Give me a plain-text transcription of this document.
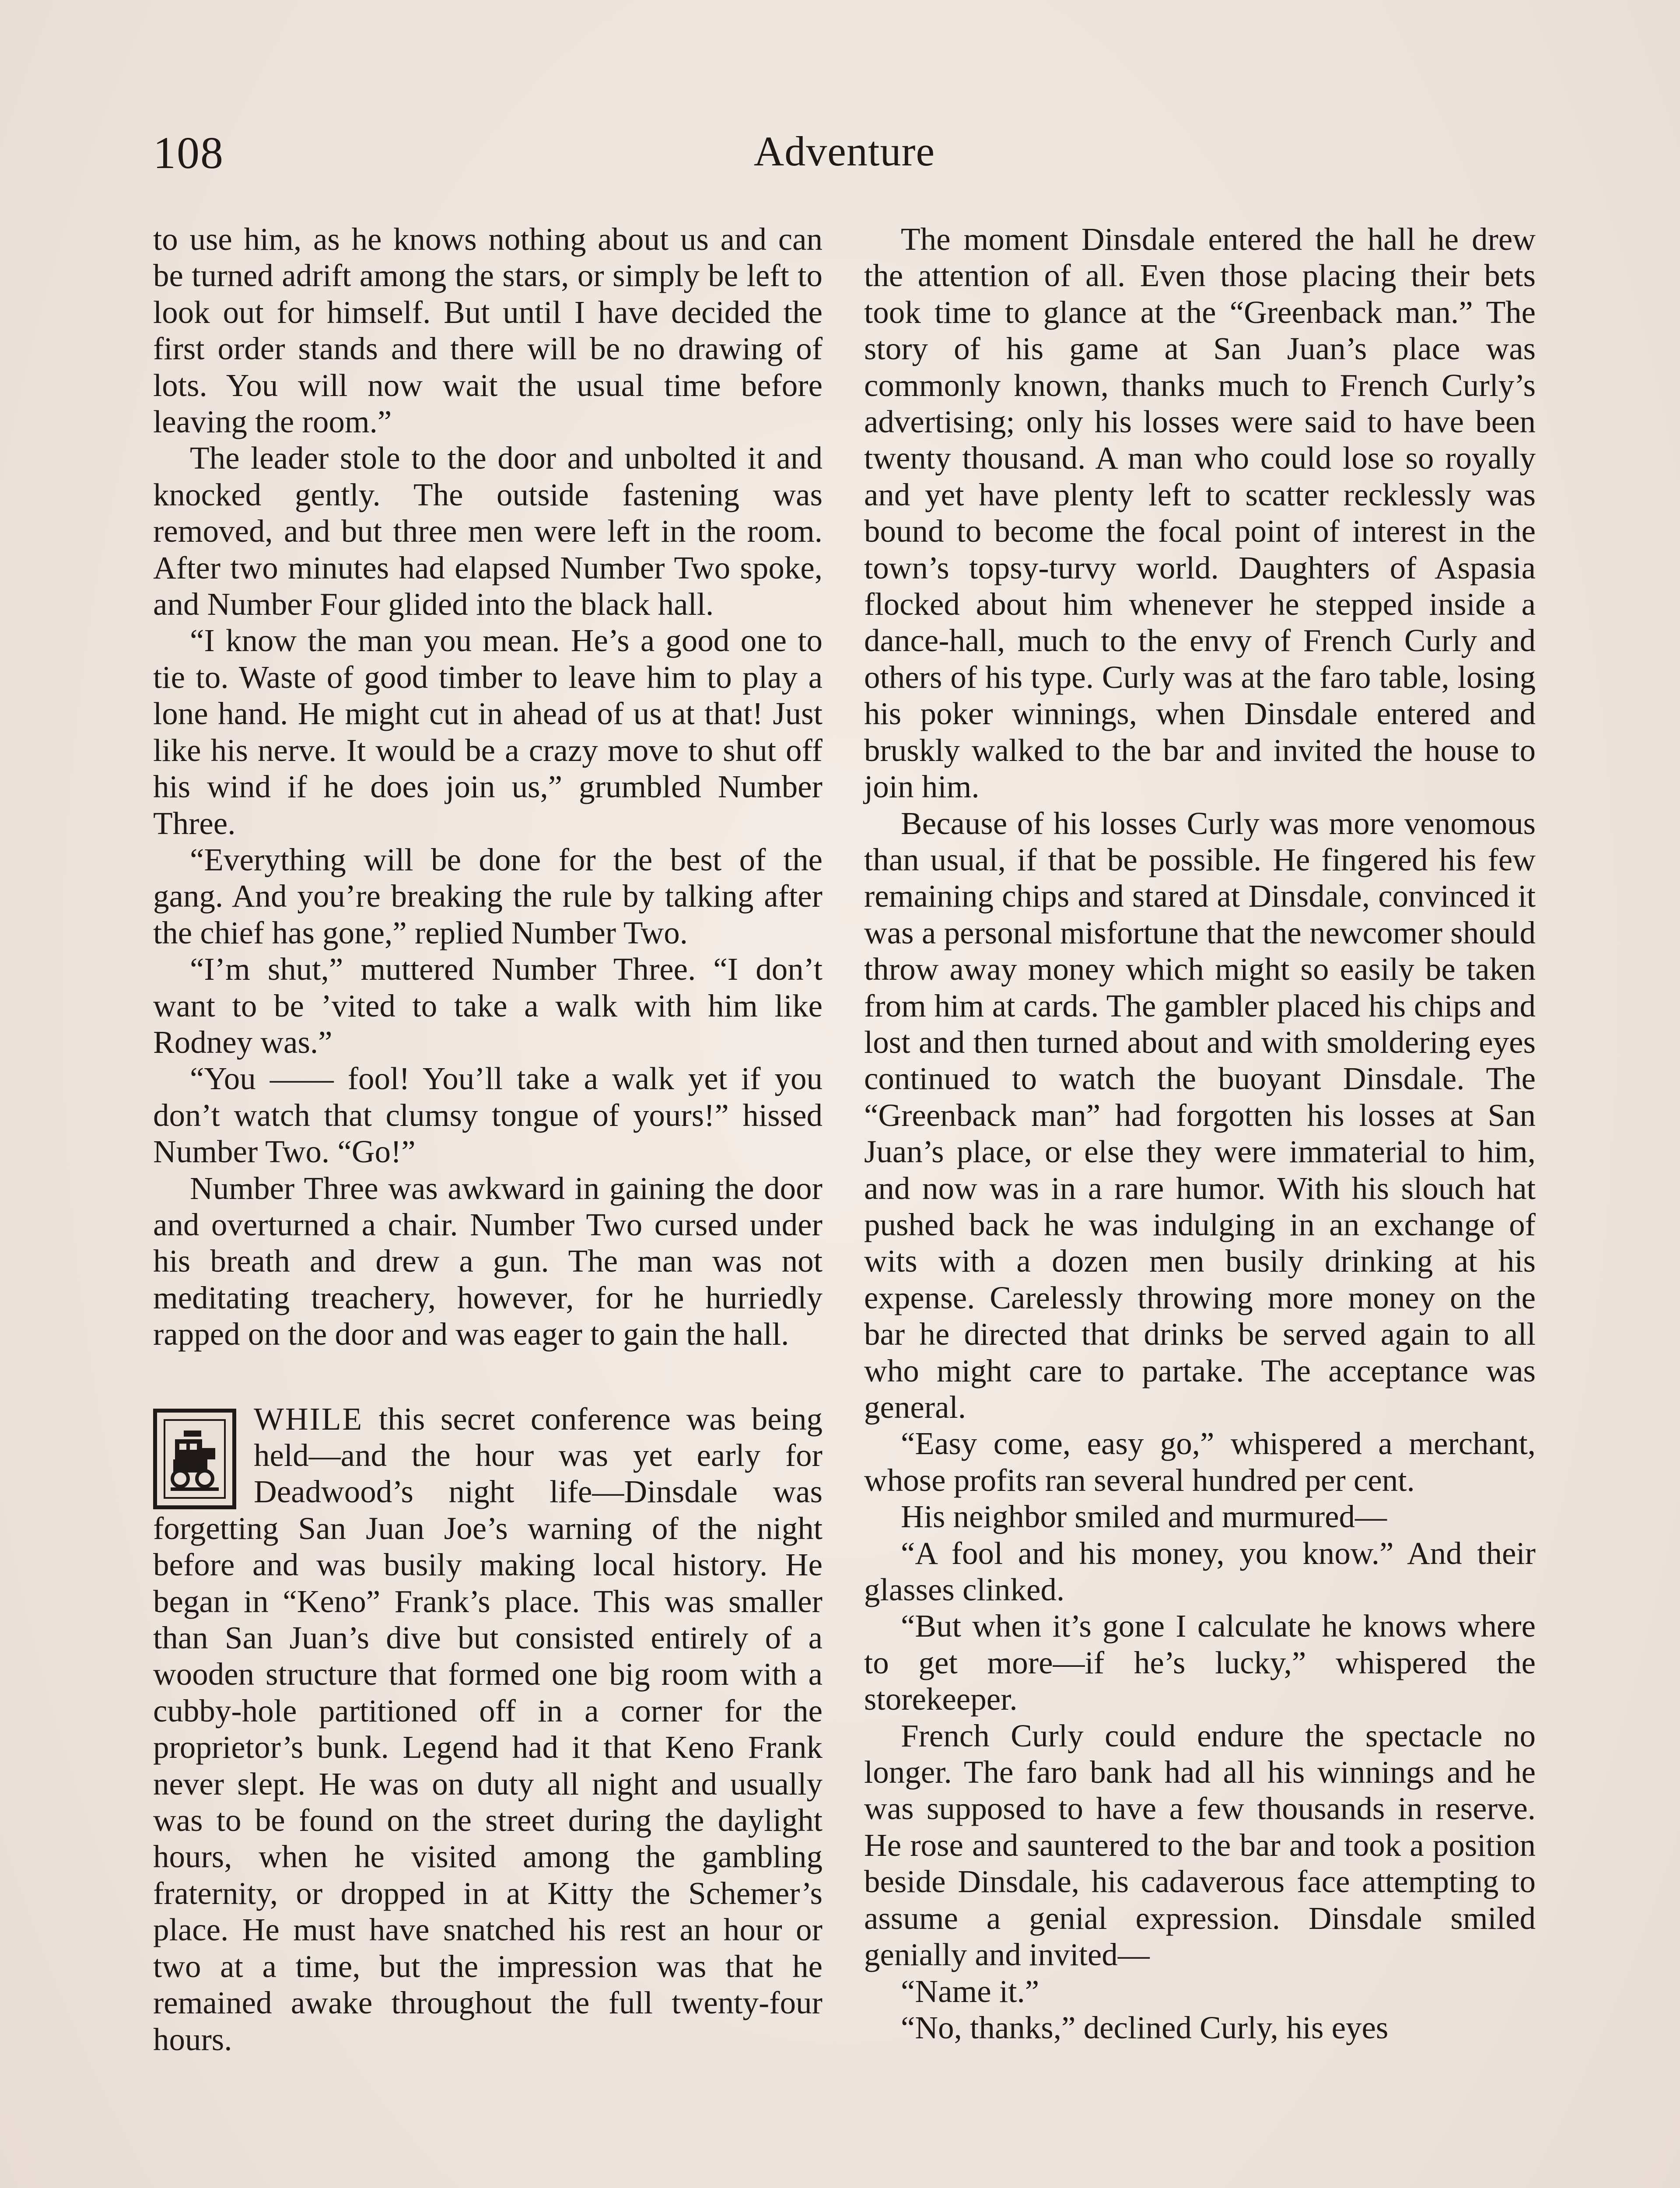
108	Adventure

to use him, as he knows nothing about us and can be turned adrift among the stars, or simply be left to look out for himself. But until I have decided the first order stands and there will be no drawing of lots. You will now wait the usual time before leaving the room.”

The leader stole to the door and unbolted it and knocked gently. The outside fastening was removed, and but three men were left in the room. After two minutes had elapsed Number Two spoke, and Number Four glided into the black hall.

“I know the man you mean. He’s a good one to tie to. Waste of good timber to leave him to play a lone hand. He might cut in ahead of us at that! Just like his nerve. It would be a crazy move to shut off his wind if he does join us,” grumbled Number Three.

“Everything will be done for the best of the gang. And you’re breaking the rule by talking after the chief has gone,” replied Number Two.

“I’m shut,” muttered Number Three. “I don’t want to be ’vited to take a walk with him like Rodney was.”

“You —— fool! You’ll take a walk yet if you don’t watch that clumsy tongue of yours!” hissed Number Two. “Go!”

Number Three was awkward in gaining the door and overturned a chair. Number Two cursed under his breath and drew a gun. The man was not meditating treachery, however, for he hurriedly rapped on the door and was eager to gain the hall.

WHILE this secret conference was being held—and the hour was yet early for Deadwood’s night life—Dinsdale was forgetting San Juan Joe’s warning of the night before and was busily making local history. He began in “Keno” Frank’s place. This was smaller than San Juan’s dive but consisted entirely of a wooden structure that formed one big room with a cubby-hole partitioned off in a corner for the proprietor’s bunk. Legend had it that Keno Frank never slept. He was on duty all night and usually was to be found on the street during the daylight hours, when he visited among the gambling fraternity, or dropped in at Kitty the Schemer’s place. He must have snatched his rest an hour or two at a time, but the impression was that he remained awake throughout the full twenty-four hours.

The moment Dinsdale entered the hall he drew the attention of all. Even those placing their bets took time to glance at the “Greenback man.” The story of his game at San Juan’s place was commonly known, thanks much to French Curly’s advertising; only his losses were said to have been twenty thousand. A man who could lose so royally and yet have plenty left to scatter recklessly was bound to become the focal point of interest in the town’s topsy-turvy world. Daughters of Aspasia flocked about him whenever he stepped inside a dance-hall, much to the envy of French Curly and others of his type. Curly was at the faro table, losing his poker winnings, when Dinsdale entered and bruskly walked to the bar and invited the house to join him.

Because of his losses Curly was more venomous than usual, if that be possible. He fingered his few remaining chips and stared at Dinsdale, convinced it was a personal misfortune that the newcomer should throw away money which might so easily be taken from him at cards. The gambler placed his chips and lost and then turned about and with smoldering eyes continued to watch the buoyant Dinsdale. The “Greenback man” had forgotten his losses at San Juan’s place, or else they were immaterial to him, and now was in a rare humor. With his slouch hat pushed back he was indulging in an exchange of wits with a dozen men busily drinking at his expense. Carelessly throwing more money on the bar he directed that drinks be served again to all who might care to partake. The acceptance was general.

“Easy come, easy go,” whispered a merchant, whose profits ran several hundred per cent.

His neighbor smiled and murmured—

“A fool and his money, you know.” And their glasses clinked.

“But when it’s gone I calculate he knows where to get more—if he’s lucky,” whispered the storekeeper.

French Curly could endure the spectacle no longer. The faro bank had all his winnings and he was supposed to have a few thousands in reserve. He rose and sauntered to the bar and took a position beside Dinsdale, his cadaverous face attempting to assume a genial expression. Dinsdale smiled genially and invited—

“Name it.”

“No, thanks,” declined Curly, his eyes
